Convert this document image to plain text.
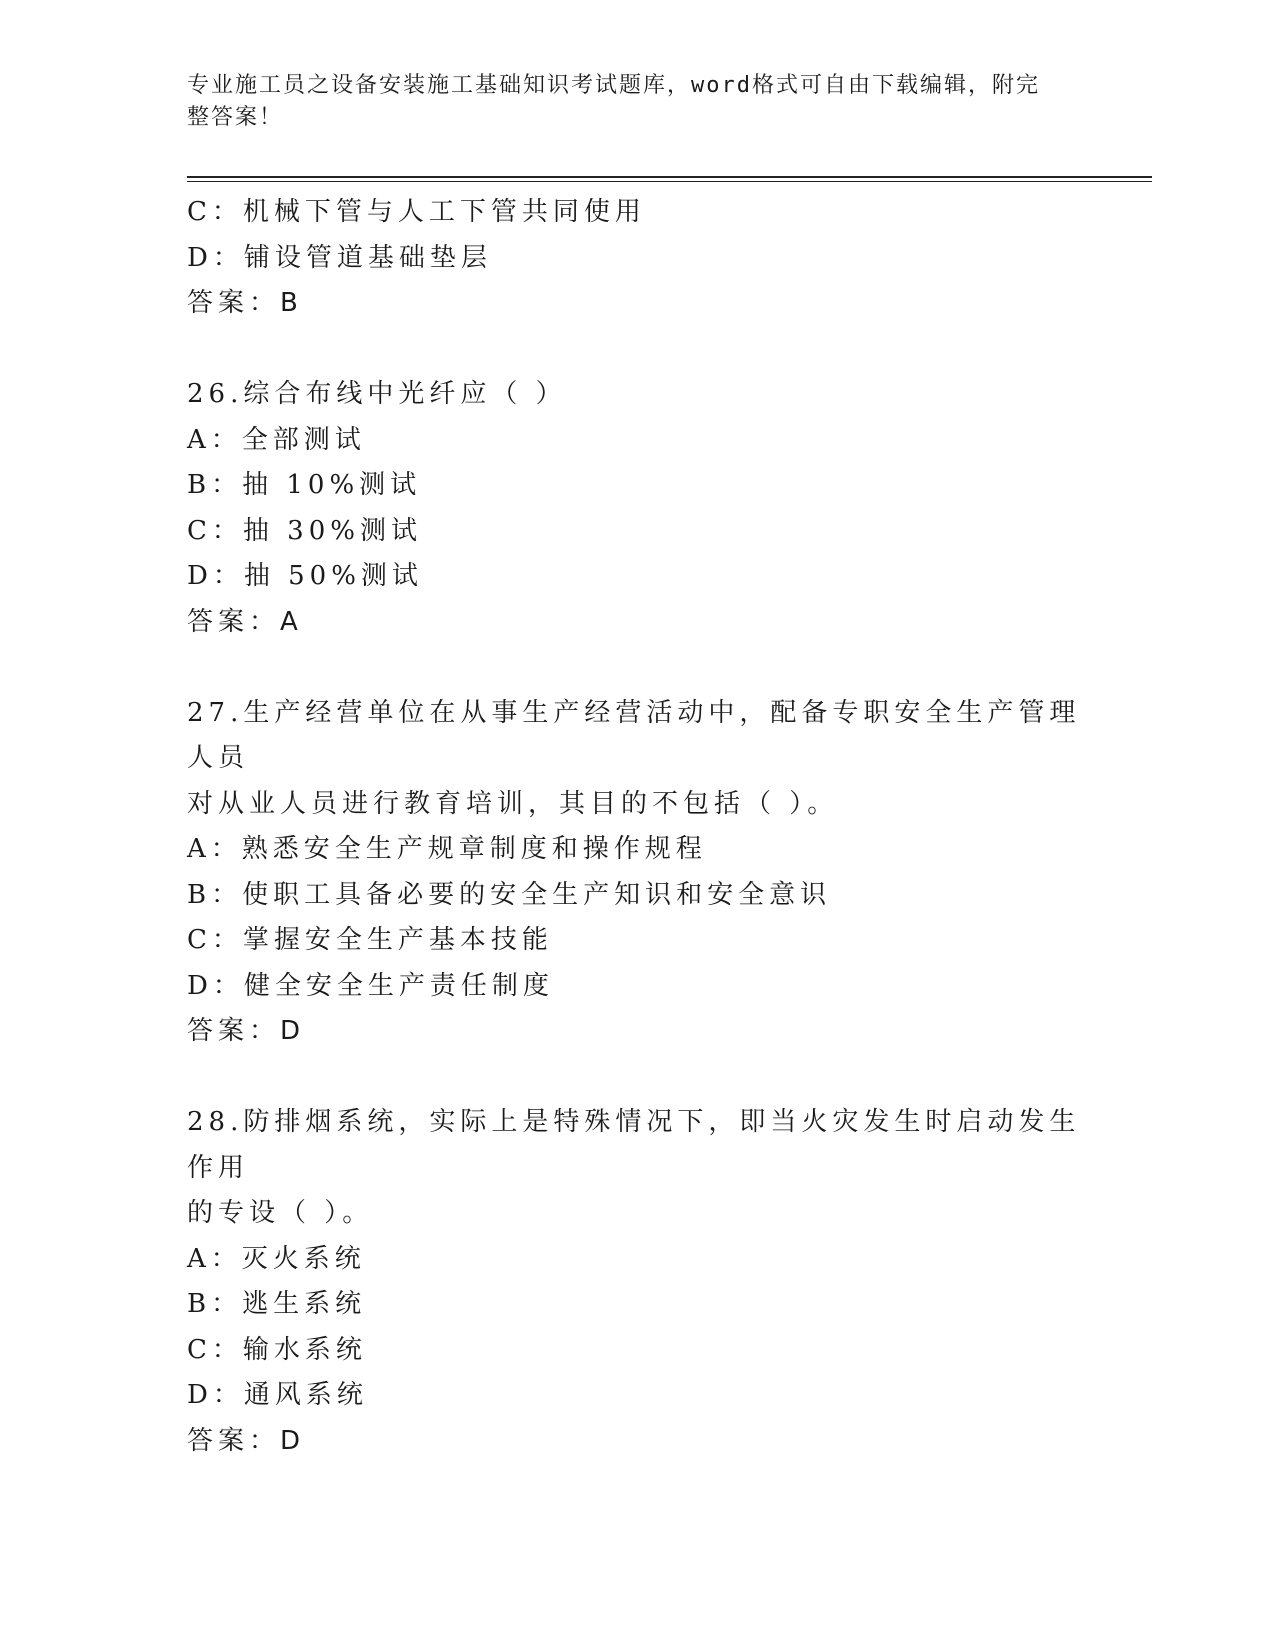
专业施工员之设备安装施工基础知识考试题库，word格式可自由下载编辑，附完
整答案！
C：机械下管与人工下管共同使用
D：铺设管道基础垫层
答案：B
26.综合布线中光纤应（ ）
A：全部测试
B：抽 10%测试
C：抽 30%测试
D：抽 50%测试
答案：A
27.生产经营单位在从事生产经营活动中，配备专职安全生产管理人员
对从业人员进行教育培训，其目的不包括（ ）。
A：熟悉安全生产规章制度和操作规程
B：使职工具备必要的安全生产知识和安全意识
C：掌握安全生产基本技能
D：健全安全生产责任制度
答案：D
28.防排烟系统，实际上是特殊情况下，即当火灾发生时启动发生作用
的专设（ ）。
A：灭火系统
B：逃生系统
C：输水系统
D：通风系统
答案：D
